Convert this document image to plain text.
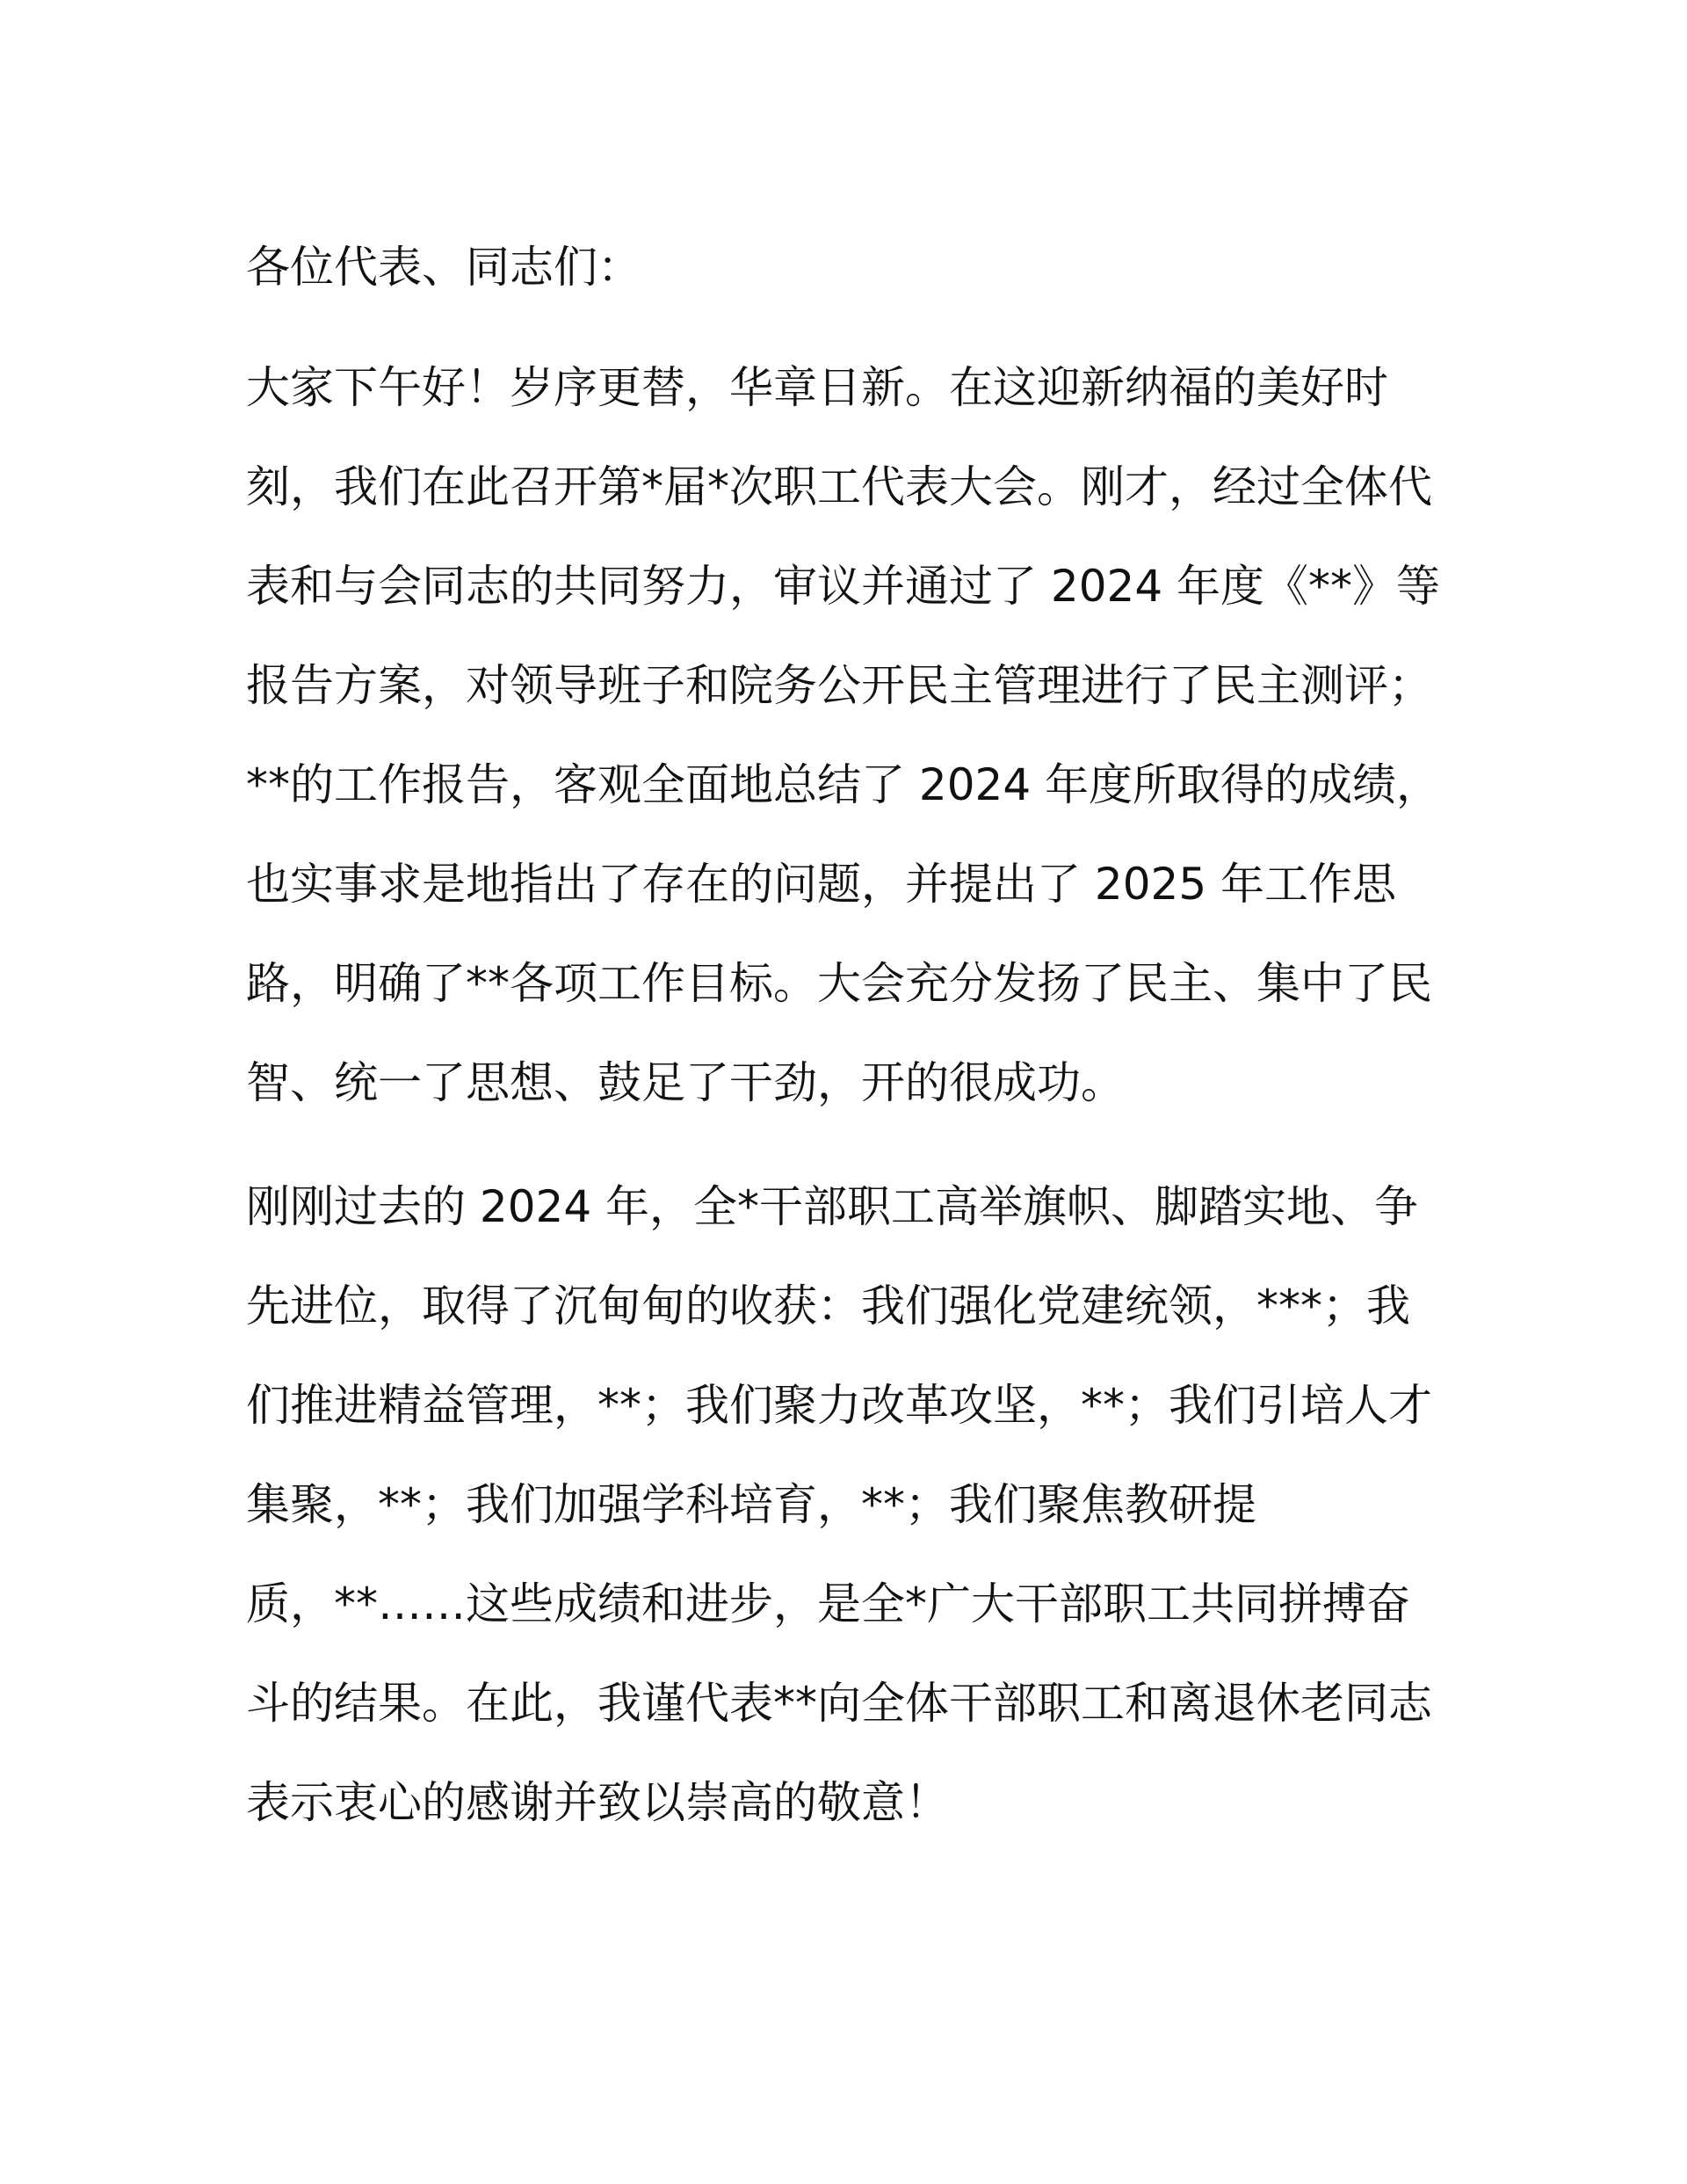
各位代表、同志们：
大家下午好！岁序更替，华章日新。在这迎新纳福的美好时
刻，我们在此召开第*届*次职工代表大会。刚才，经过全体代
表和与会同志的共同努力，审议并通过了 2024 年度《**》等
报告方案，对领导班子和院务公开民主管理进行了民主测评；
**的工作报告，客观全面地总结了 2024 年度所取得的成绩，
也实事求是地指出了存在的问题，并提出了 2025 年工作思
路，明确了**各项工作目标。大会充分发扬了民主、集中了民
智、统一了思想、鼓足了干劲，开的很成功。
刚刚过去的 2024 年，全*干部职工高举旗帜、脚踏实地、争
先进位，取得了沉甸甸的收获：我们强化党建统领，***；我
们推进精益管理，**；我们聚力改革攻坚，**；我们引培人才
集聚，**；我们加强学科培育，**；我们聚焦教研提
质，**……这些成绩和进步，是全*广大干部职工共同拼搏奋
斗的结果。在此，我谨代表**向全体干部职工和离退休老同志
表示衷心的感谢并致以崇高的敬意！
